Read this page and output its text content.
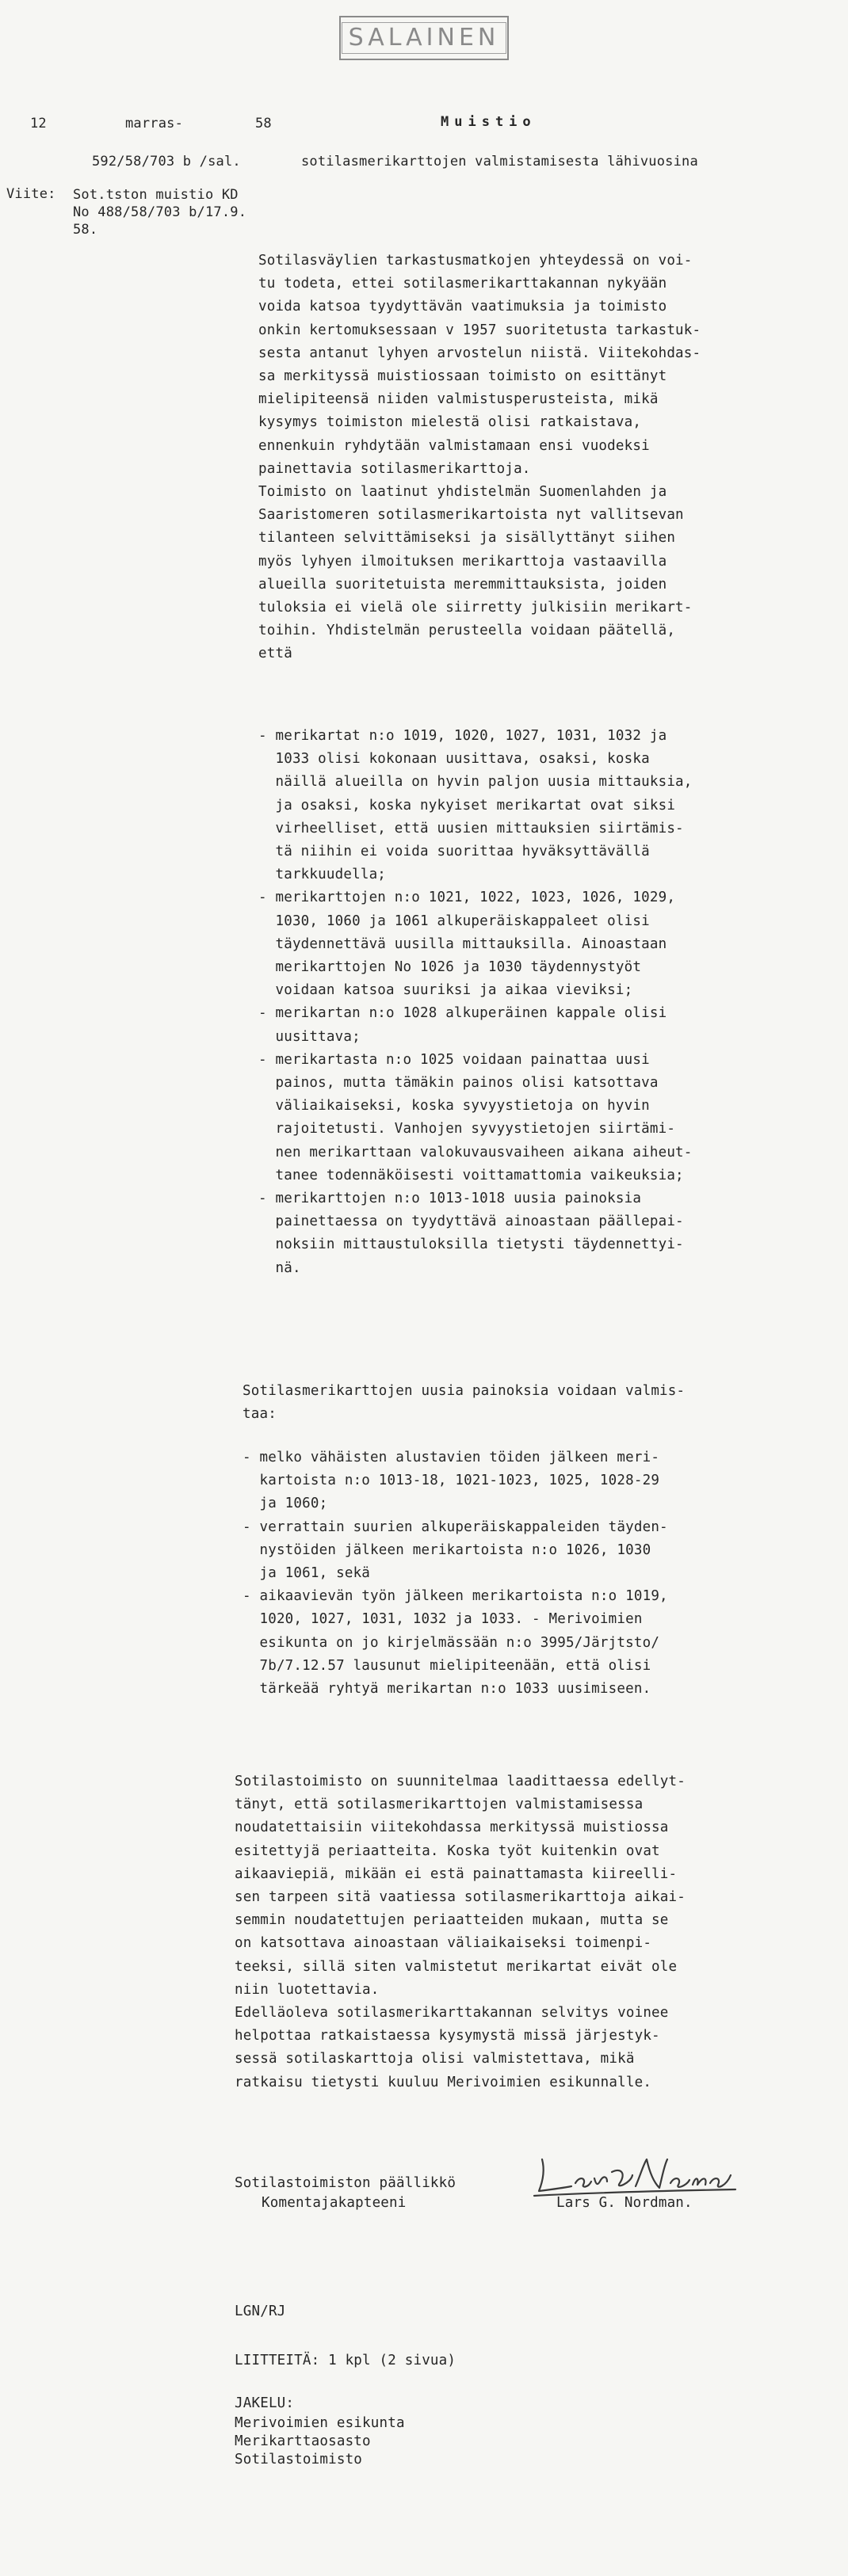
SALAINEN
12	marras-	58	Muistio
592/58/703 b /sal.	sotilasmerikarttojen valmistamisesta lähivuosina
Viite: Sot.tston muistio KD
No 488/58/703 b/17.9.
58.
Sotilasväylien tarkastusmatkojen yhteydessä on voi-
tu todeta, ettei sotilasmerikarttakannan nykyään
voida katsoa tyydyttävän vaatimuksia ja toimisto
onkin kertomuksessaan v 1957 suoritetusta tarkastuk-
sesta antanut lyhyen arvostelun niistä. Viitekohdas-
sa merkityssä muistiossaan toimisto on esittänyt
mielipiteensä niiden valmistusperusteista, mikä
kysymys toimiston mielestä olisi ratkaistava,
ennenkuin ryhdytään valmistamaan ensi vuodeksi
painettavia sotilasmerikarttoja.
Toimisto on laatinut yhdistelmän Suomenlahden ja
Saaristomeren sotilasmerikartoista nyt vallitsevan
tilanteen selvittämiseksi ja sisällyttänyt siihen
myös lyhyen ilmoituksen merikarttoja vastaavilla
alueilla suoritetuista meremmittauksista, joiden
tuloksia ei vielä ole siirretty julkisiin merikart-
toihin. Yhdistelmän perusteella voidaan päätellä,
että
- merikartat n:o 1019, 1020, 1027, 1031, 1032 ja
1033 olisi kokonaan uusittava, osaksi, koska
näillä alueilla on hyvin paljon uusia mittauksia,
ja osaksi, koska nykyiset merikartat ovat siksi
virheelliset, että uusien mittauksien siirtämis-
tä niihin ei voida suorittaa hyväksyttävällä
tarkkuudella;
- merikarttojen n:o 1021, 1022, 1023, 1026, 1029,
1030, 1060 ja 1061 alkuperäiskappaleet olisi
täydennettävä uusilla mittauksilla. Ainoastaan
merikarttojen No 1026 ja 1030 täydennystyöt
voidaan katsoa suuriksi ja aikaa vieviksi;
- merikartan n:o 1028 alkuperäinen kappale olisi
uusittava;
- merikartasta n:o 1025 voidaan painattaa uusi
painos, mutta tämäkin painos olisi katsottava
väliaikaiseksi, koska syvyystietoja on hyvin
rajoitetusti. Vanhojen syvyystietojen siirtämi-
nen merikarttaan valokuvausvaiheen aikana aiheut-
tanee todennäköisesti voittamattomia vaikeuksia;
- merikarttojen n:o 1013-1018 uusia painoksia
painettaessa on tyydyttävä ainoastaan päällepai-
noksiin mittaustuloksilla tietysti täydennettyi-
nä.
Sotilasmerikarttojen uusia painoksia voidaan valmis-
taa:
- melko vähäisten alustavien töiden jälkeen meri-
kartoista n:o 1013-18, 1021-1023, 1025, 1028-29
ja 1060;
- verrattain suurien alkuperäiskappaleiden täyden-
nystöiden jälkeen merikartoista n:o 1026, 1030
ja 1061, sekä
- aikaavievän työn jälkeen merikartoista n:o 1019,
1020, 1027, 1031, 1032 ja 1033. - Merivoimien
esikunta on jo kirjelmässään n:o 3995/Järjtsto/
7b/7.12.57 lausunut mielipiteenään, että olisi
tärkeää ryhtyä merikartan n:o 1033 uusimiseen.
Sotilastoimisto on suunnitelmaa laadittaessa edellyt-
tänyt, että sotilasmerikarttojen valmistamisessa
noudatettaisiin viitekohdassa merkityssä muistiossa
esitettyjä periaatteita. Koska työt kuitenkin ovat
aikaaviepiä, mikään ei estä painattamasta kiireelli-
sen tarpeen sitä vaatiessa sotilasmerikarttoja aikai-
semmin noudatettujen periaatteiden mukaan, mutta se
on katsottava ainoastaan väliaikaiseksi toimenpi-
teeksi, sillä siten valmistetut merikartat eivät ole
niin luotettavia.
Edelläoleva sotilasmerikarttakannan selvitys voinee
helpottaa ratkaistaessa kysymystä missä järjestyk-
sessä sotilaskarttoja olisi valmistettava, mikä
ratkaisu tietysti kuuluu Merivoimien esikunnalle.
Sotilastoimiston päällikkö
Komentajakapteeni	Lars G. Nordman.
LGN/RJ
LIITTEITÄ: 1 kpl (2 sivua)
JAKELU:
Merivoimien esikunta
Merikarttaosasto
Sotilastoimisto
